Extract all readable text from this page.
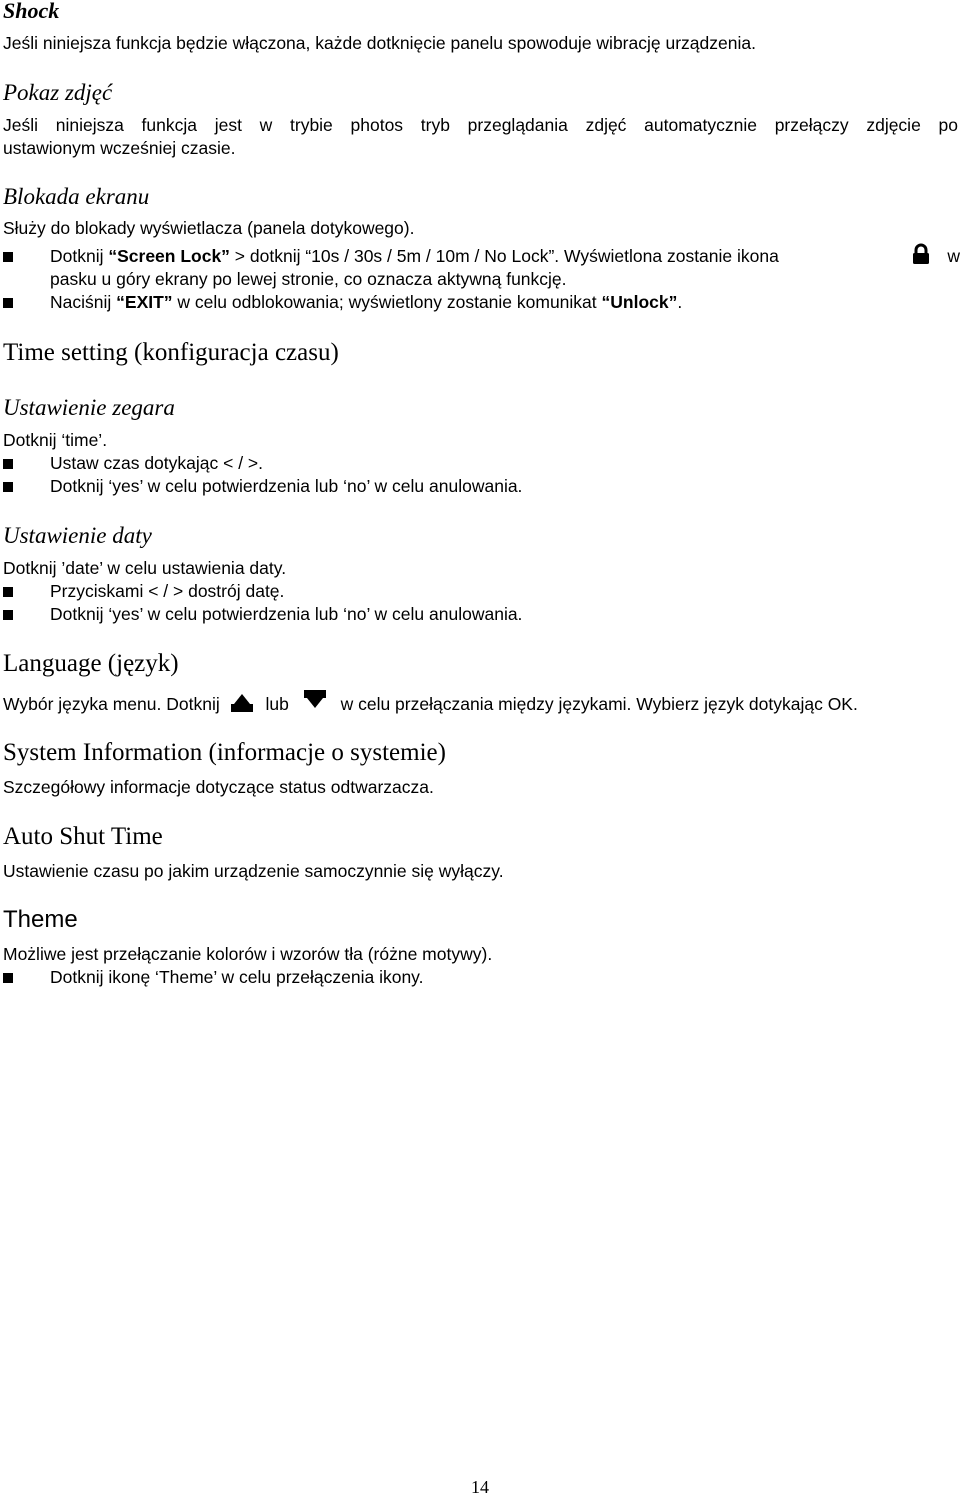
Shock
Jeśli niniejsza funkcja będzie włączona, każde dotknięcie panelu spowoduje wibrację urządzenia.
Pokaz zdjęć
Jeśli niniejsza funkcja jest w trybie photos tryb przeglądania zdjęć automatycznie przełączy zdjęcie po
ustawionym wcześniej czasie.
Blokada ekranu
Służy do blokady wyświetlacza (panela dotykowego).
Dotknij “Screen Lock” > dotknij “10s / 30s / 5m / 10m / No Lock”. Wyświetlona zostanie ikona	w
pasku u góry ekrany po lewej stronie, co oznacza aktywną funkcję.
Naciśnij “EXIT” w celu odblokowania; wyświetlony zostanie komunikat “Unlock”.
Time setting (konfiguracja czasu)
Ustawienie zegara
Dotknij ‘time’.
Ustaw czas dotykając < / >.
Dotknij ‘yes’ w celu potwierdzenia lub ‘no’ w celu anulowania.
Ustawienie daty
Dotknij ’date’ w celu ustawienia daty.
Przyciskami < / > dostrój datę.
Dotknij ‘yes’ w celu potwierdzenia lub ‘no’ w celu anulowania.
Language (język)
Wybór języka menu. Dotknij	lub	w celu przełączania między językami. Wybierz język dotykając OK.
System Information (informacje o systemie)
Szczegółowy informacje dotyczące status odtwarzacza.
Auto Shut Time
Ustawienie czasu po jakim urządzenie samoczynnie się wyłączy.
Theme
Możliwe jest przełączanie kolorów i wzorów tła (różne motywy).
Dotknij ikonę ‘Theme’ w celu przełączenia ikony.
14
